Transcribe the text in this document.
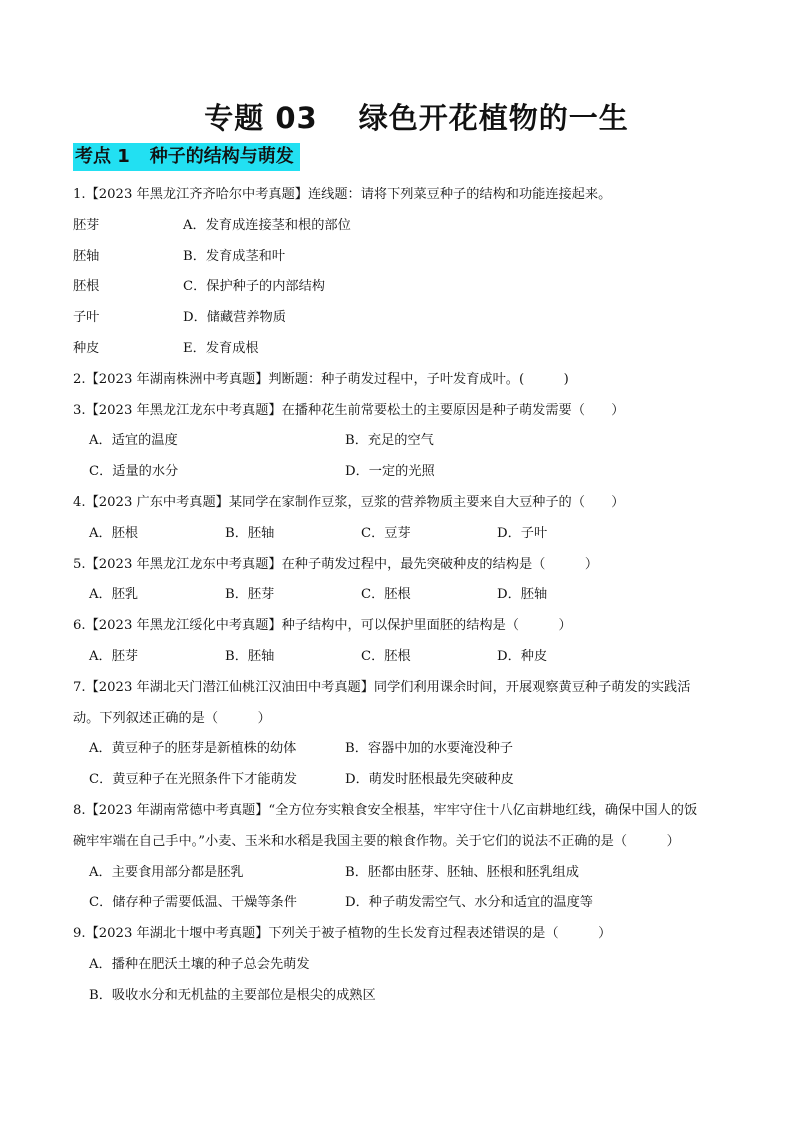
专题 03　 绿色开花植物的一生
考点 1 种子的结构与萌发
1.【2023 年黑龙江齐齐哈尔中考真题】连线题：请将下列菜豆种子的结构和功能连接起来。
胚芽	A．发育成连接茎和根的部位
胚轴	B．发育成茎和叶
胚根	C．保护种子的内部结构
子叶	D．储藏营养物质
种皮	E．发育成根
2.【2023 年湖南株洲中考真题】判断题：种子萌发过程中，子叶发育成叶。(　　　)
3.【2023 年黑龙江龙东中考真题】在播种花生前常要松土的主要原因是种子萌发需要（　　）
A．适宜的温度	B．充足的空气
C．适量的水分	D．一定的光照
4.【2023 广东中考真题】某同学在家制作豆浆，豆浆的营养物质主要来自大豆种子的（　　）
A．胚根	B．胚轴	C．豆芽	D．子叶
5.【2023 年黑龙江龙东中考真题】在种子萌发过程中，最先突破种皮的结构是（　　　）
A．胚乳	B．胚芽	C．胚根	D．胚轴
6.【2023 年黑龙江绥化中考真题】种子结构中，可以保护里面胚的结构是（　　　）
A．胚芽	B．胚轴	C．胚根	D．种皮
7.【2023 年湖北天门潜江仙桃江汉油田中考真题】同学们利用课余时间，开展观察黄豆种子萌发的实践活
动。下列叙述正确的是（　　　）
A．黄豆种子的胚芽是新植株的幼体	B．容器中加的水要淹没种子
C．黄豆种子在光照条件下才能萌发	D．萌发时胚根最先突破种皮
8.【2023 年湖南常德中考真题】“全方位夯实粮食安全根基，牢牢守住十八亿亩耕地红线，确保中国人的饭
碗牢牢端在自己手中。”小麦、玉米和水稻是我国主要的粮食作物。关于它们的说法不正确的是（　　　）
A．主要食用部分都是胚乳	B．胚都由胚芽、胚轴、胚根和胚乳组成
C．储存种子需要低温、干燥等条件	D．种子萌发需空气、水分和适宜的温度等
9.【2023 年湖北十堰中考真题】下列关于被子植物的生长发育过程表述错误的是（　　　）
A．播种在肥沃土壤的种子总会先萌发
B．吸收水分和无机盐的主要部位是根尖的成熟区
